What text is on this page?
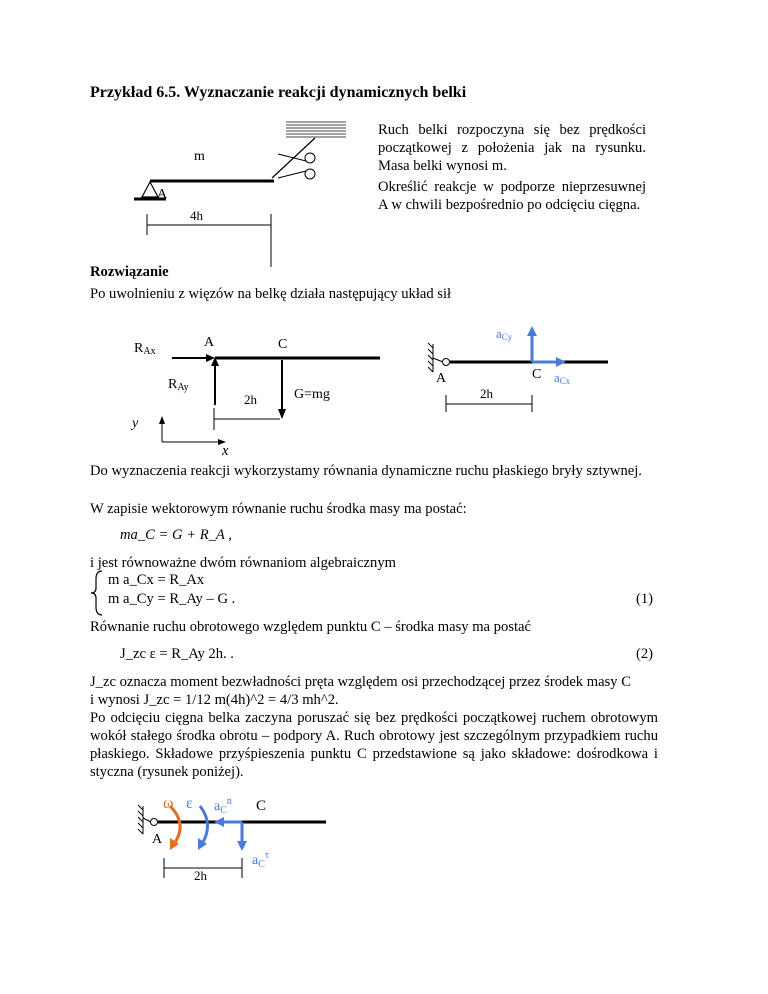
Przykład 6.5. Wyznaczanie reakcji dynamicznych belki
m
A
4h
Ruch belki rozpoczyna się bez prędkości początkowej z położenia jak na rysunku. Masa belki wynosi m.
Określić reakcje w podporze nieprzesuwnej A w chwili bezpośrednio po odcięciu cięgna.
Rozwiązanie
Po uwolnieniu z więzów na belkę działa następujący układ sił
RAx
A	C
RAy	G=mg
2h
y
x
aCy
aCx
A	C
2h
Do wyznaczenia reakcji wykorzystamy równania dynamiczne ruchu płaskiego bryły sztywnej.
W zapisie wektorowym równanie ruchu środka masy ma postać:
ma_C = G + R_A ,
i jest równoważne dwóm równaniom algebraicznym
m a_Cx = R_Ax
m a_Cy = R_Ay – G .	(1)
Równanie ruchu obrotowego względem punktu C – środka masy ma postać
J_zc ε = R_Ay 2h. .	(2)
J_zc oznacza moment bezwładności pręta względem osi przechodzącej przez środek masy C
i wynosi J_zc = 1/12 m(4h)^2 = 4/3 mh^2.
Po odcięciu cięgna belka zaczyna poruszać się bez prędkości początkowej ruchem obrotowym wokół stałego środka obrotu – podpory A. Ruch obrotowy jest szczególnym przypadkiem ruchu płaskiego. Składowe przyśpieszenia punktu C przedstawione są jako składowe: dośrodkowa i styczna (rysunek poniżej).
ω ε $a_C^n$ C
A
$a_C^\tau$
2h
